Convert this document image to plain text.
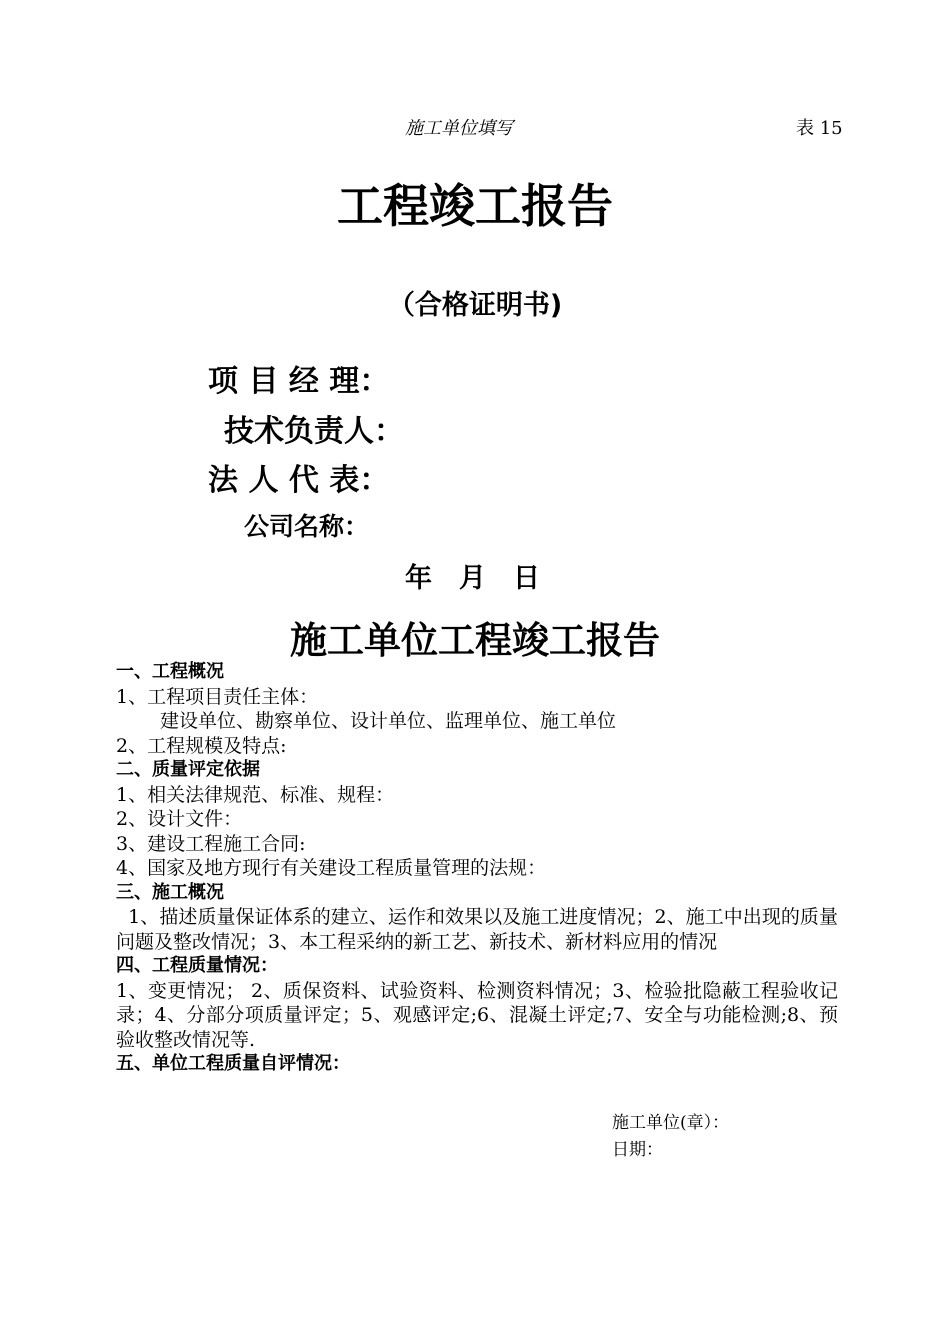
施工单位填写	表 15
工程竣工报告
（合格证明书)
项 目 经 理：
技术负责人：
法 人 代 表：
公司名称：
年　月　日
施工单位工程竣工报告
一、工程概况
1、工程项目责任主体：
建设单位、勘察单位、设计单位、监理单位、施工单位
2、工程规模及特点:
二、质量评定依据
1、相关法律规范、标准、规程：
2、设计文件：
3、建设工程施工合同:
4、国家及地方现行有关建设工程质量管理的法规：
三、施工概况
1、描述质量保证体系的建立、运作和效果以及施工进度情况；2、施工中出现的质量问题及整改情况；3、本工程采纳的新工艺、新技术、新材料应用的情况
四、工程质量情况：
1、变更情况； 2、质保资料、试验资料、检测资料情况；3、检验批隐蔽工程验收记录；4、分部分项质量评定；5、观感评定;6、混凝土评定;7、安全与功能检测;8、预验收整改情况等.
五、单位工程质量自评情况：
施工单位(章）：
日期：
